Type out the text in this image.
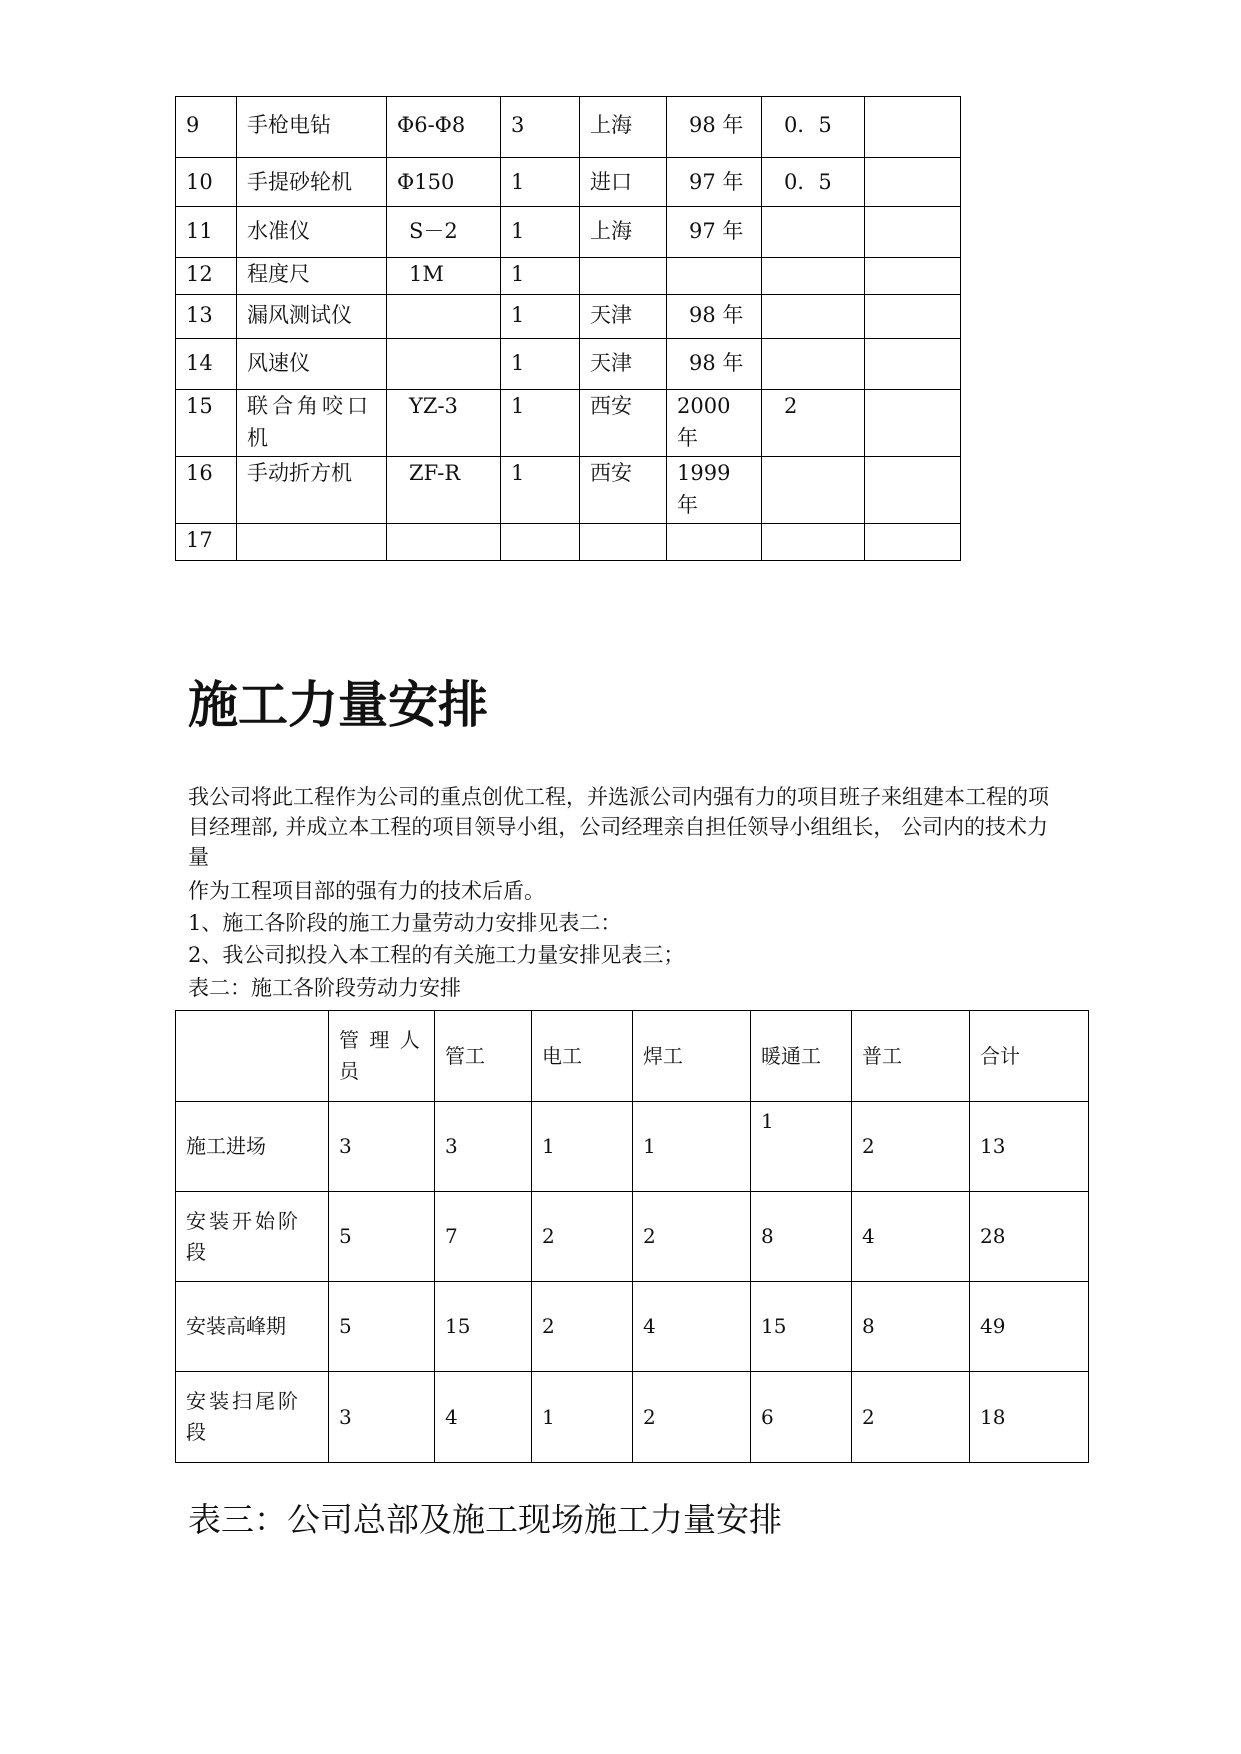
9	手枪电钻	Φ6-Φ8	3	上海	98 年	0．5	
10	手提砂轮机	Φ150	1	进口	97 年	0．5	
11	水准仪	S－2	1	上海	97 年		
12	程度尺	1M	1				
13	漏风测试仪		1	天津	98 年		
14	风速仪		1	天津	98 年		
15	联合角咬口机	YZ-3	1	西安	2000 年	2	
16	手动折方机	ZF-R	1	西安	1999 年		
17							
施工力量安排

我公司将此工程作为公司的重点创优工程，并选派公司内强有力的项目班子来组建本工程的项目经理部, 并成立本工程的项目领导小组，公司经理亲自担任领导小组组长， 公司内的技术力量

作为工程项目部的强有力的技术后盾。

1、施工各阶段的施工力量劳动力安排见表二：

2、我公司拟投入本工程的有关施工力量安排见表三；

表二：施工各阶段劳动力安排

	管 理 人员	管工	电工	焊工	暖通工	普工	合计
施工进场	3	3	1	1	1	2	13
安装开始阶段	5	7	2	2	8	4	28
安装高峰期	5	15	2	4	15	8	49
安装扫尾阶段	3	4	1	2	6	2	18

表三：公司总部及施工现场施工力量安排
